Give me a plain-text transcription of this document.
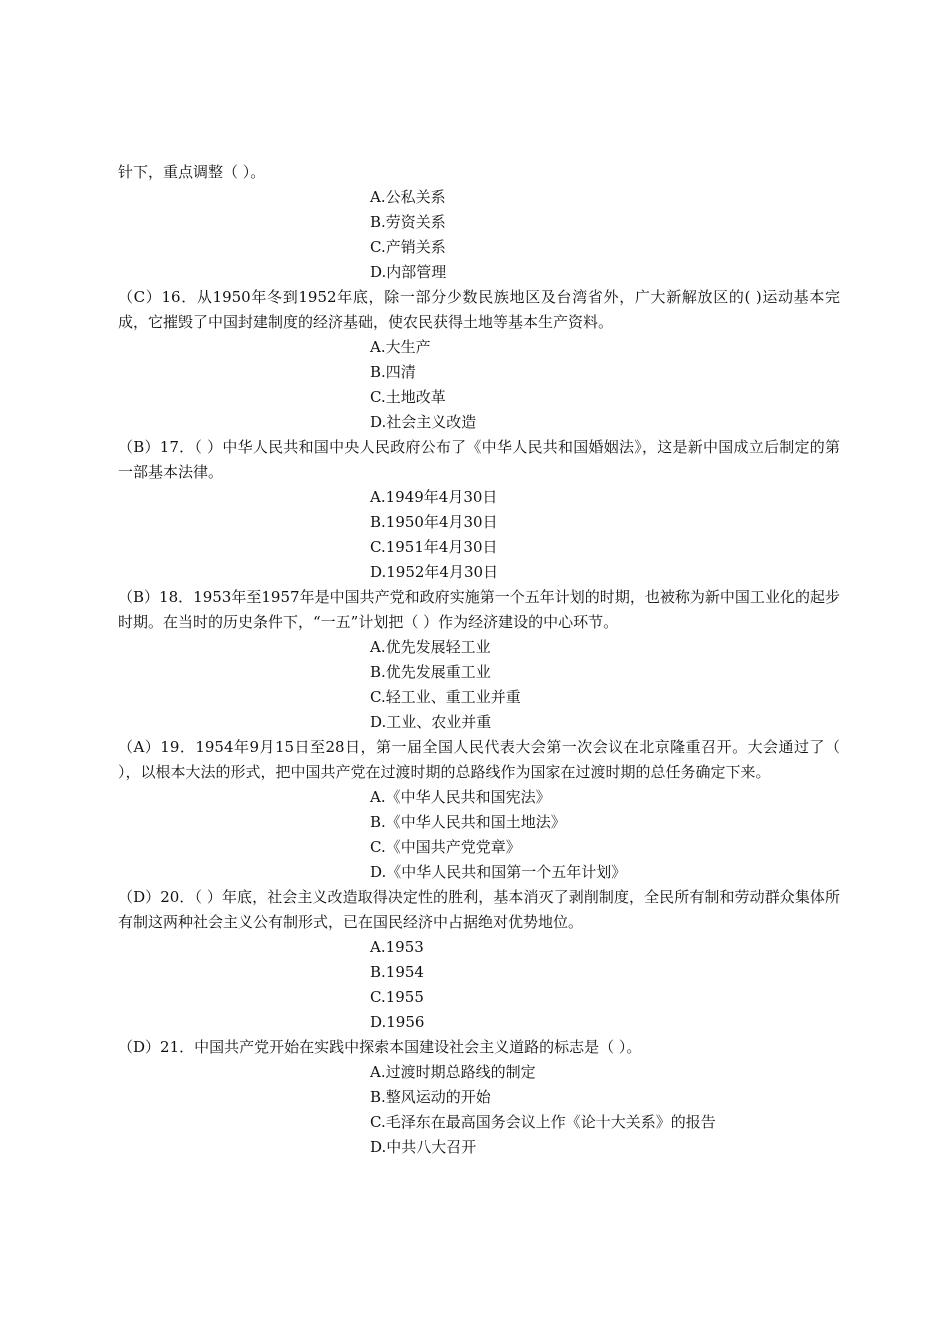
针下，重点调整（ ）。
A.公私关系
B.劳资关系
C.产销关系
D.内部管理
（C）16．从1950年冬到1952年底，除一部分少数民族地区及台湾省外，广大新解放区的( )运动基本完成，它摧毁了中国封建制度的经济基础，使农民获得土地等基本生产资料。
A.大生产
B.四清
C.土地改革
D.社会主义改造
（B）17．（ ）中华人民共和国中央人民政府公布了《中华人民共和国婚姻法》，这是新中国成立后制定的第一部基本法律。
A.1949年4月30日
B.1950年4月30日
C.1951年4月30日
D.1952年4月30日
（B）18．1953年至1957年是中国共产党和政府实施第一个五年计划的时期，也被称为新中国工业化的起步时期。在当时的历史条件下，“一五”计划把（ ）作为经济建设的中心环节。
A.优先发展轻工业
B.优先发展重工业
C.轻工业、重工业并重
D.工业、农业并重
（A）19．1954年9月15日至28日，第一届全国人民代表大会第一次会议在北京隆重召开。大会通过了（ ），以根本大法的形式，把中国共产党在过渡时期的总路线作为国家在过渡时期的总任务确定下来。
A.《中华人民共和国宪法》
B.《中华人民共和国土地法》
C.《中国共产党党章》
D.《中华人民共和国第一个五年计划》
（D）20．（ ）年底，社会主义改造取得决定性的胜利，基本消灭了剥削制度，全民所有制和劳动群众集体所有制这两种社会主义公有制形式，已在国民经济中占据绝对优势地位。
A.1953
B.1954
C.1955
D.1956
（D）21．中国共产党开始在实践中探索本国建设社会主义道路的标志是（ ）。
A.过渡时期总路线的制定
B.整风运动的开始
C.毛泽东在最高国务会议上作《论十大关系》的报告
D.中共八大召开
